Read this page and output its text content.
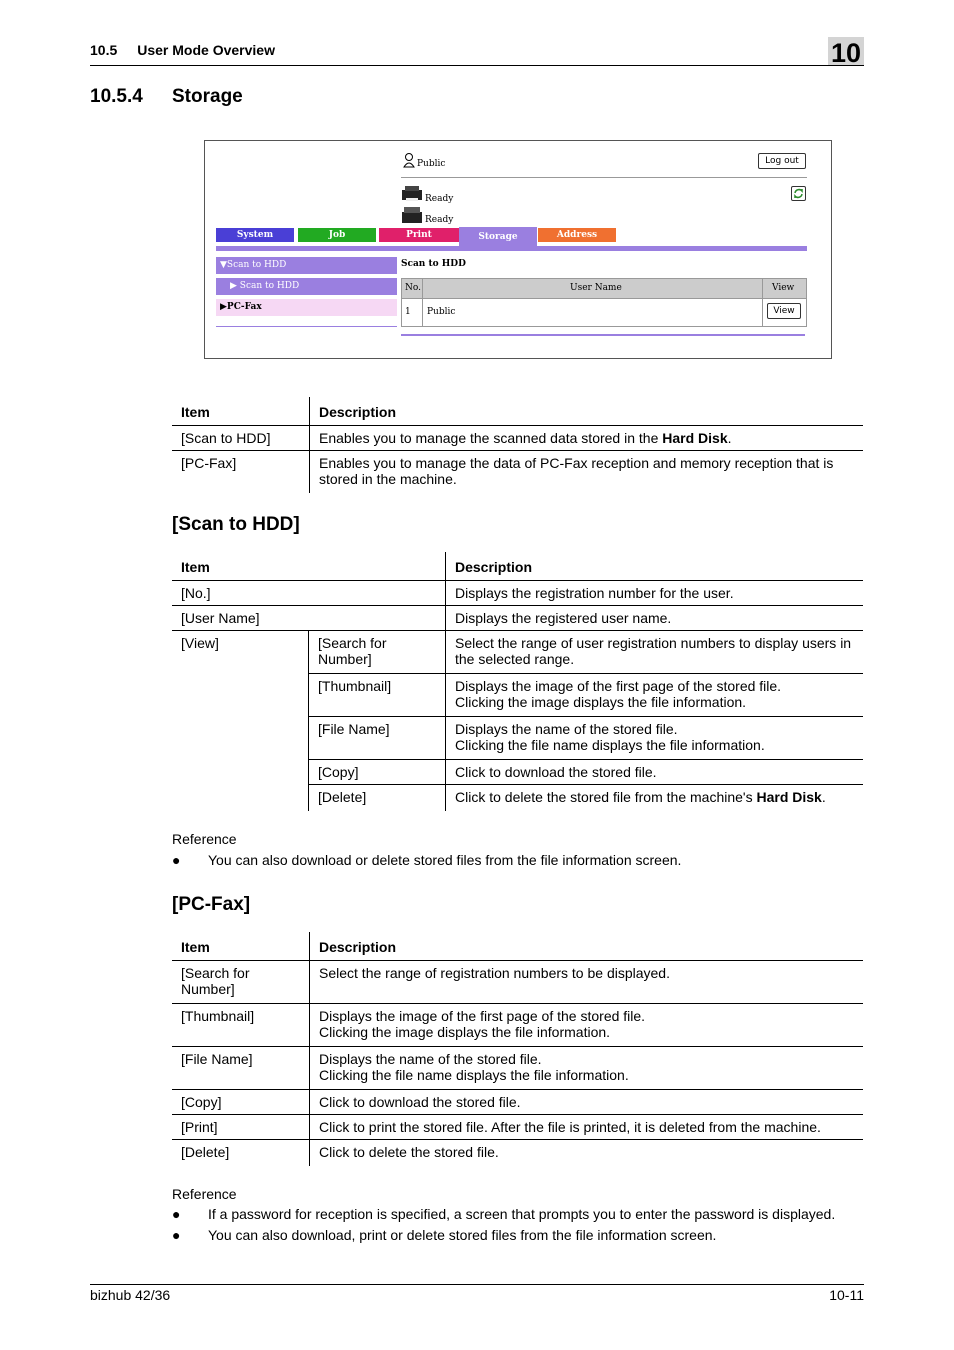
10.5 User Mode Overview	10
10.5.4 Storage
Public	Log out
Ready
Ready
System	Job	Print	Storage	Address
▼Scan to HDD
▶ Scan to HDD
▶PC-Fax
Scan to HDD
No.	User Name	View
1 Public	View
Item	Description
[Scan to HDD]	Enables you to manage the scanned data stored in the Hard Disk.
[PC-Fax]	Enables you to manage the data of PC-Fax reception and memory reception that is stored in the machine.
[Scan to HDD]
Item		Description
[No.]		Displays the registration number for the user.
[User Name]		Displays the registered user name.
[View]	[Search for Number]	Select the range of user registration numbers to display users in the selected range.
	[Thumbnail]	Displays the image of the first page of the stored file.
Clicking the image displays the file information.

	[File Name]	Displays the name of the stored file.
Clicking the file name displays the file information.

	[Copy]	Click to download the stored file.
	[Delete]	Click to delete the stored file from the machine's Hard Disk.
Reference
● You can also download or delete stored files from the file information screen.
[PC-Fax]
Item	Description
[Search for Number]	Select the range of registration numbers to be displayed.
[Thumbnail]	Displays the image of the first page of the stored file.
Clicking the image displays the file information.

[File Name]	Displays the name of the stored file.
Clicking the file name displays the file information.

[Copy]	Click to download the stored file.
[Print]	Click to print the stored file. After the file is printed, it is deleted from the machine.
[Delete]	Click to delete the stored file.
Reference
● If a password for reception is specified, a screen that prompts you to enter the password is displayed.
● You can also download, print or delete stored files from the file information screen.
bizhub 42/36	10-11
